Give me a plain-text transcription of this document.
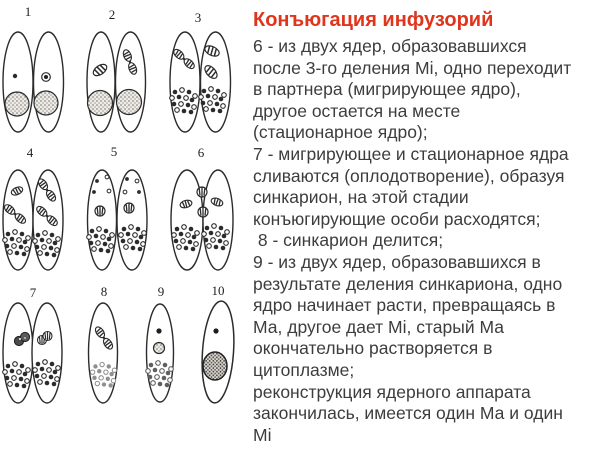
1	2	3
4	5	6
7	8	9	10
Конъюгация инфузорий
6 - из двух ядер, образовавшихся
после 3-го деления Mi, одно переходит
в партнера (мигрирующее ядро),
другое остается на месте
(стационарное ядро);
7 - мигрирующее и стационарное ядра
сливаются (оплодотворение), образуя
синкарион, на этой стадии
конъюгирующие особи расходятся;
8 - синкарион делится;
9 - из двух ядер, образовавшихся в
результате деления синкариона, одно
ядро начинает расти, превращаясь в
Ма, другое дает Mi, старый Ма
окончательно растворяется в
цитоплазме;
реконструкция ядерного аппарата
закончилась, имеется один Ма и один
Mi
